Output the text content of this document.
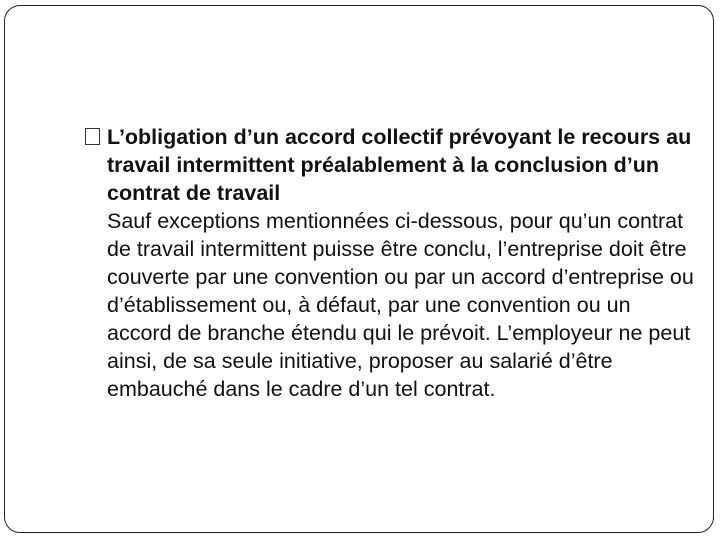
L’obligation d’un accord collectif prévoyant le recours au travail intermittent préalablement à la conclusion d’un contrat de travail
Sauf exceptions mentionnées ci-dessous, pour qu’un contrat de travail intermittent puisse être conclu, l’entreprise doit être couverte par une convention ou par un accord d’entreprise ou d’établissement ou, à défaut, par une convention ou un accord de branche étendu qui le prévoit. L’employeur ne peut ainsi, de sa seule initiative, proposer au salarié d’être embauché dans le cadre d’un tel contrat.
